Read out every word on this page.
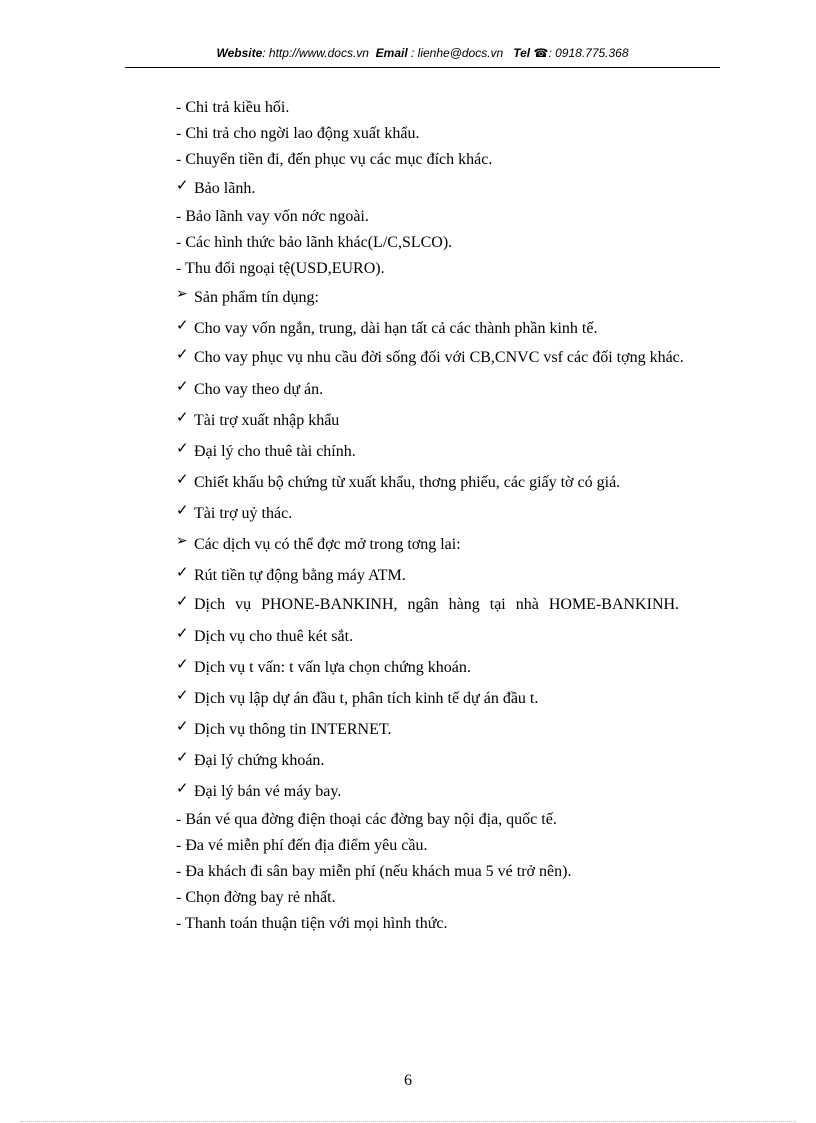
Website: http://www.docs.vn Email : lienhe@docs.vn Tel ☎: 0918.775.368
- Chi trả kiều hối.
- Chi trả cho ngời lao động xuất khẩu.
- Chuyển tiền đi, đến phục vụ các mục đích khác.
✓ Bảo lãnh.
- Bảo lãnh vay vốn nớc ngoài.
- Các hình thức bảo lãnh khác(L/C,SLCO).
- Thu đổi ngoại tệ(USD,EURO).
➢ Sản phẩm tín dụng:
✓ Cho vay vốn ngắn, trung, dài hạn tất cả các thành phần kinh tế.
✓ Cho vay phục vụ nhu cầu đời sống đối với CB,CNVC vsf các đối tợng khác.
✓ Cho vay theo dự án.
✓ Tài trợ xuất nhập khẩu
✓ Đại lý cho thuê tài chính.
✓ Chiết khấu bộ chứng từ xuất khẩu, thơng phiếu, các giấy tờ có giá.
✓ Tài trợ uỷ thác.
➢ Các dịch vụ có thể đợc mở trong tơng lai:
✓ Rút tiền tự động bằng máy ATM.
✓ Dịch vụ PHONE-BANKINH, ngân hàng tại nhà HOME-BANKINH.
✓ Dịch vụ cho thuê két sắt.
✓ Dịch vụ t vấn: t vấn lựa chọn chứng khoán.
✓ Dịch vụ lập dự án đầu t, phân tích kinh tế dự án đầu t.
✓ Dịch vụ thông tin INTERNET.
✓ Đại lý chứng khoán.
✓ Đại lý bán vé máy bay.
- Bán vé qua đờng điện thoại các đờng bay nội địa, quốc tế.
- Đa vé miễn phí đến địa điểm yêu cầu.
- Đa khách đi sân bay miễn phí (nếu khách mua 5 vé trở nên).
- Chọn đờng bay rẻ nhất.
- Thanh toán thuận tiện với mọi hình thức.
6
